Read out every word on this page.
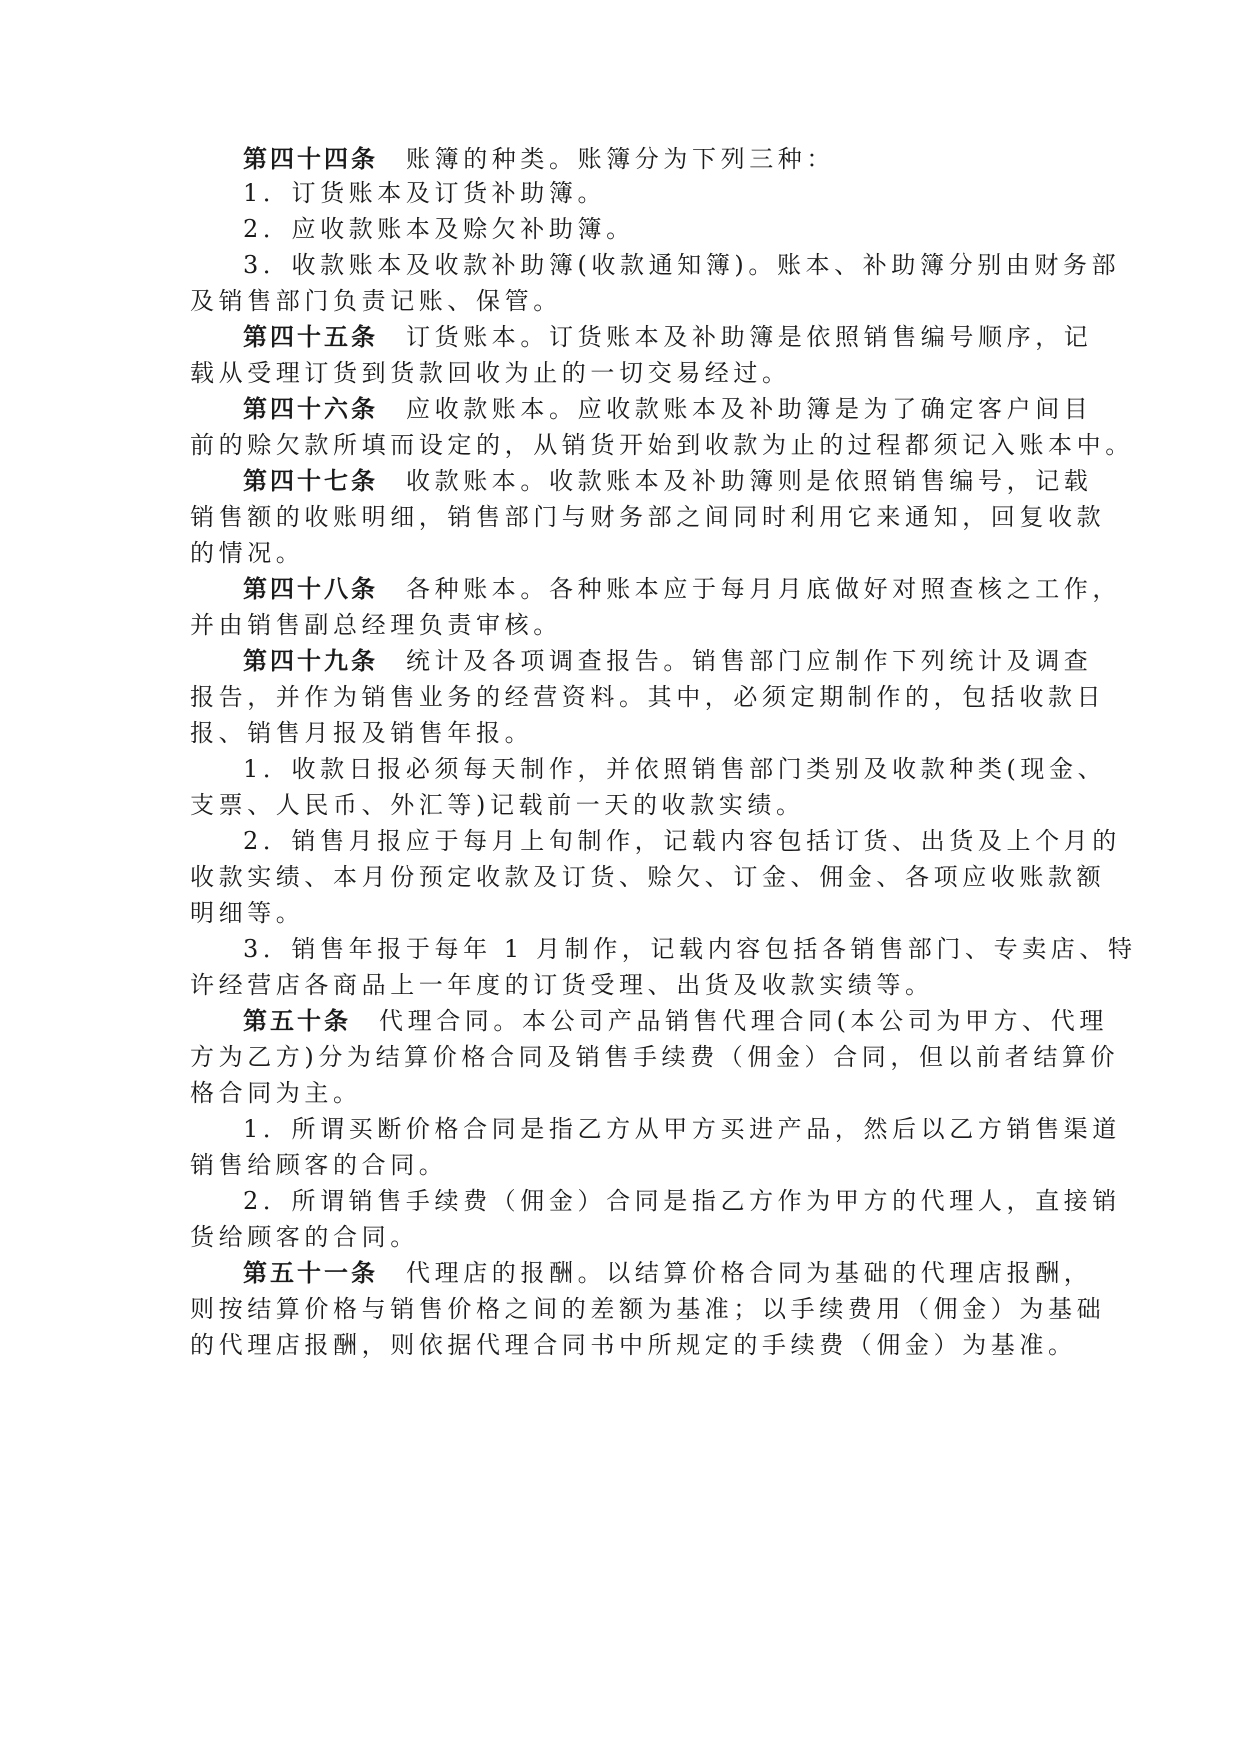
第四十四条 账簿的种类。账簿分为下列三种：
1．订货账本及订货补助簿。
2．应收款账本及赊欠补助簿。
3．收款账本及收款补助簿(收款通知簿)。账本、补助簿分别由财务部
及销售部门负责记账、保管。
第四十五条 订货账本。订货账本及补助簿是依照销售编号顺序，记
载从受理订货到货款回收为止的一切交易经过。
第四十六条 应收款账本。应收款账本及补助簿是为了确定客户间目
前的赊欠款所填而设定的，从销货开始到收款为止的过程都须记入账本中。
第四十七条 收款账本。收款账本及补助簿则是依照销售编号，记载
销售额的收账明细，销售部门与财务部之间同时利用它来通知，回复收款
的情况。
第四十八条 各种账本。各种账本应于每月月底做好对照查核之工作，
并由销售副总经理负责审核。
第四十九条 统计及各项调查报告。销售部门应制作下列统计及调查
报告，并作为销售业务的经营资料。其中，必须定期制作的，包括收款日
报、销售月报及销售年报。
1．收款日报必须每天制作，并依照销售部门类别及收款种类(现金、
支票、人民币、外汇等)记载前一天的收款实绩。
2．销售月报应于每月上旬制作，记载内容包括订货、出货及上个月的
收款实绩、本月份预定收款及订货、赊欠、订金、佣金、各项应收账款额
明细等。
3．销售年报于每年 1 月制作，记载内容包括各销售部门、专卖店、特
许经营店各商品上一年度的订货受理、出货及收款实绩等。
第五十条 代理合同。本公司产品销售代理合同(本公司为甲方、代理
方为乙方)分为结算价格合同及销售手续费（佣金）合同，但以前者结算价
格合同为主。
1．所谓买断价格合同是指乙方从甲方买进产品，然后以乙方销售渠道
销售给顾客的合同。
2．所谓销售手续费（佣金）合同是指乙方作为甲方的代理人，直接销
货给顾客的合同。
第五十一条 代理店的报酬。以结算价格合同为基础的代理店报酬，
则按结算价格与销售价格之间的差额为基准；以手续费用（佣金）为基础
的代理店报酬，则依据代理合同书中所规定的手续费（佣金）为基准。
